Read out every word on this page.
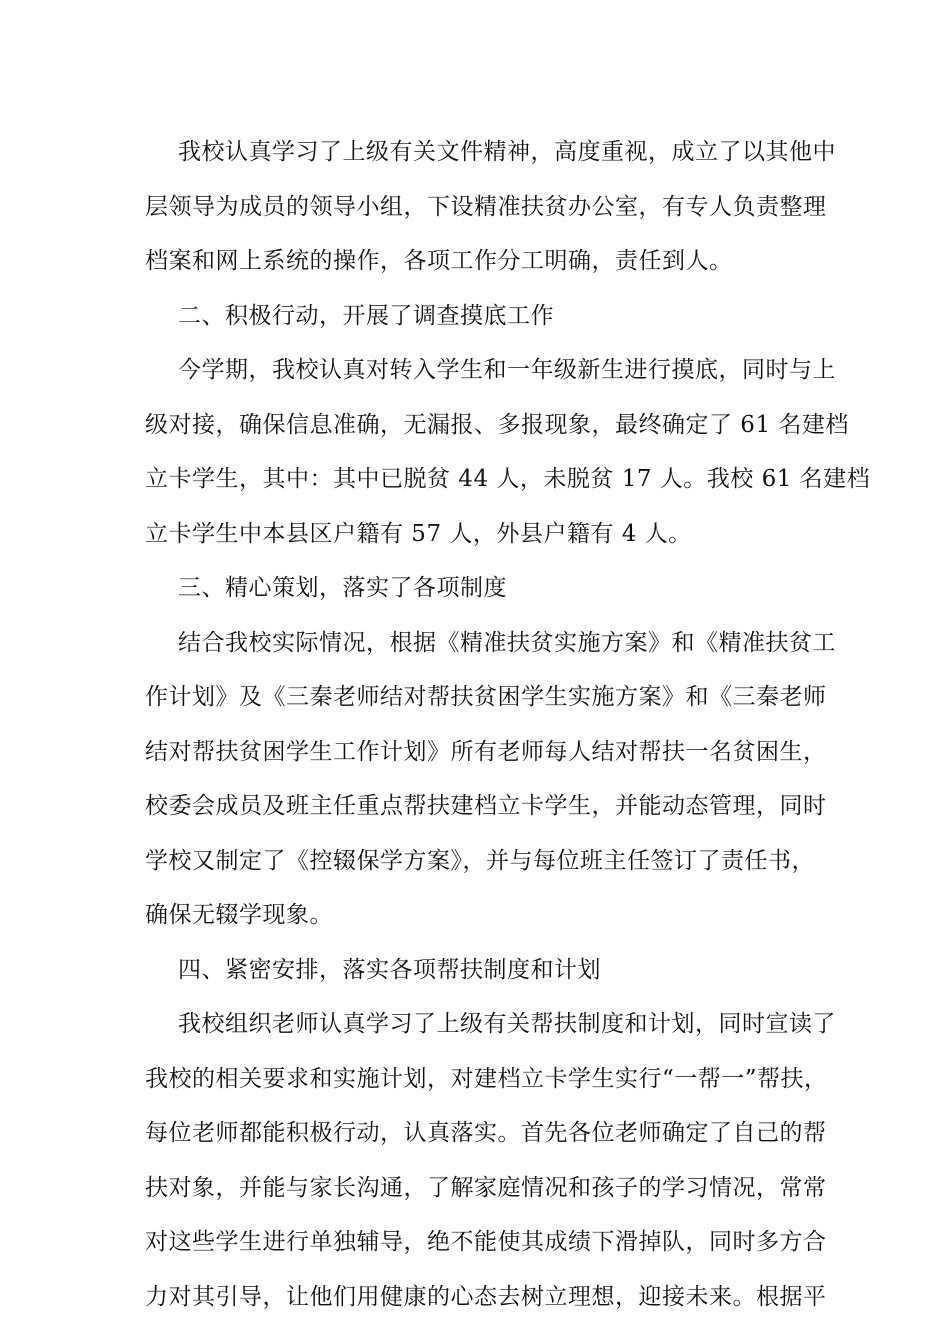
我校认真学习了上级有关文件精神，高度重视，成立了以其他中
层领导为成员的领导小组，下设精准扶贫办公室，有专人负责整理
档案和网上系统的操作，各项工作分工明确，责任到人。
二、积极行动，开展了调查摸底工作
今学期，我校认真对转入学生和一年级新生进行摸底，同时与上
级对接，确保信息准确，无漏报、多报现象，最终确定了 61 名建档
立卡学生，其中：其中已脱贫 44 人，未脱贫 17 人。我校 61 名建档
立卡学生中本县区户籍有 57 人，外县户籍有 4 人。
三、精心策划，落实了各项制度
结合我校实际情况，根据《精准扶贫实施方案》和《精准扶贫工
作计划》及《三秦老师结对帮扶贫困学生实施方案》和《三秦老师
结对帮扶贫困学生工作计划》所有老师每人结对帮扶一名贫困生，
校委会成员及班主任重点帮扶建档立卡学生，并能动态管理，同时
学校又制定了《控辍保学方案》，并与每位班主任签订了责任书，
确保无辍学现象。
四、紧密安排，落实各项帮扶制度和计划
我校组织老师认真学习了上级有关帮扶制度和计划，同时宣读了
我校的相关要求和实施计划，对建档立卡学生实行“一帮一”帮扶，
每位老师都能积极行动，认真落实。首先各位老师确定了自己的帮
扶对象，并能与家长沟通，了解家庭情况和孩子的学习情况，常常
对这些学生进行单独辅导，绝不能使其成绩下滑掉队，同时多方合
力对其引导，让他们用健康的心态去树立理想，迎接未来。根据平
